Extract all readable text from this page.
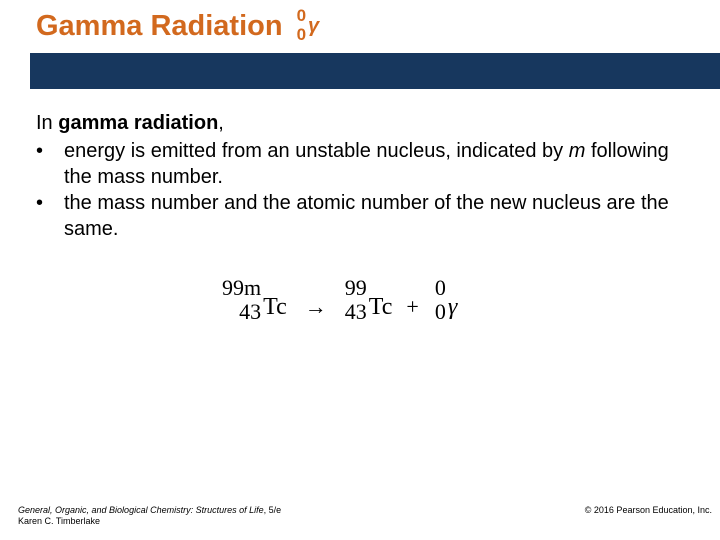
Gamma Radiation 0
0 γ
In gamma radiation,
• energy is emitted from an unstable nucleus, indicated by m following the mass number.
• the mass number and the atomic number of the new nucleus are the same.
99m
43 Tc →
99
43 Tc +
0
0 γ
General, Organic, and Biological Chemistry: Structures of Life, 5/e
Karen C. Timberlake
© 2016 Pearson Education, Inc.
